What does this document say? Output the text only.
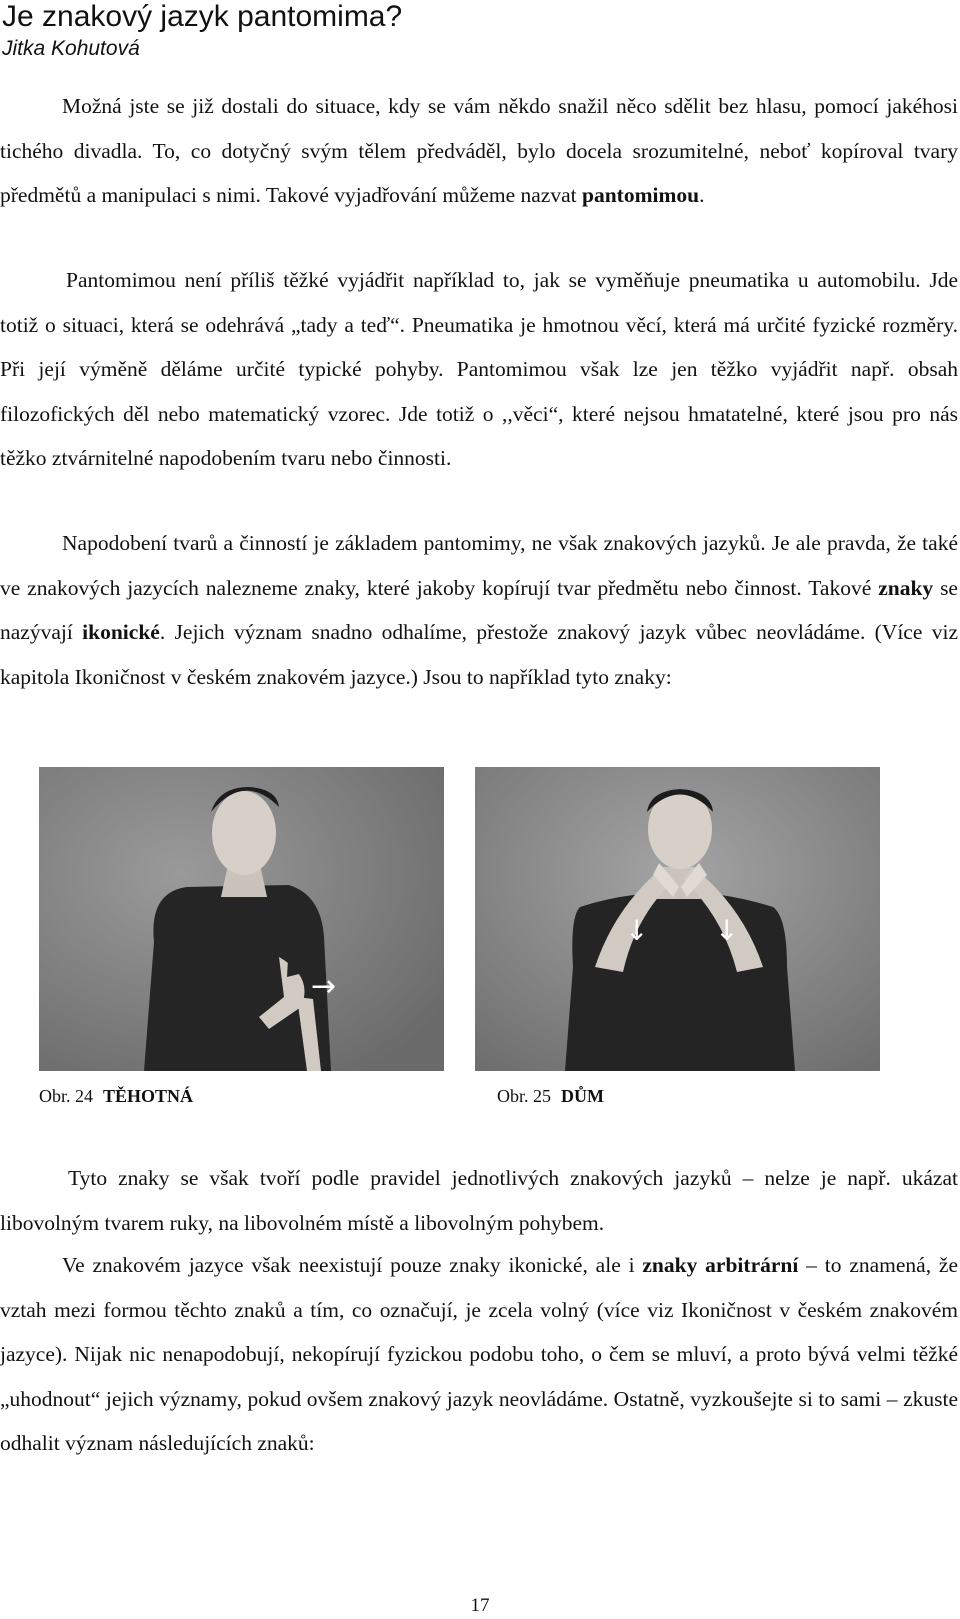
Je znakový jazyk pantomima?
Jitka Kohutová
Možná jste se již dostali do situace, kdy se vám někdo snažil něco sdělit bez hlasu, pomocí jakéhosi tichého divadla. To, co dotyčný svým tělem předváděl, bylo docela srozumitelné, neboť kopíroval tvary předmětů a manipulaci s nimi. Takové vyjadřování můžeme nazvat pantomimou.
Pantomimou není příliš těžké vyjádřit například to, jak se vyměňuje pneumatika u automobilu. Jde totiž o situaci, která se odehrává „tady a teď“. Pneumatika je hmotnou věcí, která má určité fyzické rozměry. Při její výměně děláme určité typické pohyby. Pantomimou však lze jen těžko vyjádřit např. obsah filozofických děl nebo matematický vzorec. Jde totiž o ,,věci“, které nejsou hmatatelné, které jsou pro nás těžko ztvárnitelné napodobením tvaru nebo činnosti.
Napodobení tvarů a činností je základem pantomimy, ne však znakových jazyků. Je ale pravda, že také ve znakových jazycích nalezneme znaky, které jakoby kopírují tvar předmětu nebo činnost. Takové znaky se nazývají ikonické. Jejich význam snadno odhalíme, přestože znakový jazyk vůbec neovládáme. (Více viz kapitola Ikoničnost v českém znakovém jazyce.) Jsou to například tyto znaky:
→
Obr. 24 TĚHOTNÁ
↓ ↓
Obr. 25 DŮM
Tyto znaky se však tvoří podle pravidel jednotlivých znakových jazyků – nelze je např. ukázat libovolným tvarem ruky, na libovolném místě a libovolným pohybem.
Ve znakovém jazyce však neexistují pouze znaky ikonické, ale i znaky arbitrární – to znamená, že vztah mezi formou těchto znaků a tím, co označují, je zcela volný (více viz Ikoničnost v českém znakovém jazyce). Nijak nic nenapodobují, nekopírují fyzickou podobu toho, o čem se mluví, a proto bývá velmi těžké „uhodnout“ jejich významy, pokud ovšem znakový jazyk neovládáme. Ostatně, vyzkoušejte si to sami – zkuste odhalit význam následujících znaků:
17
